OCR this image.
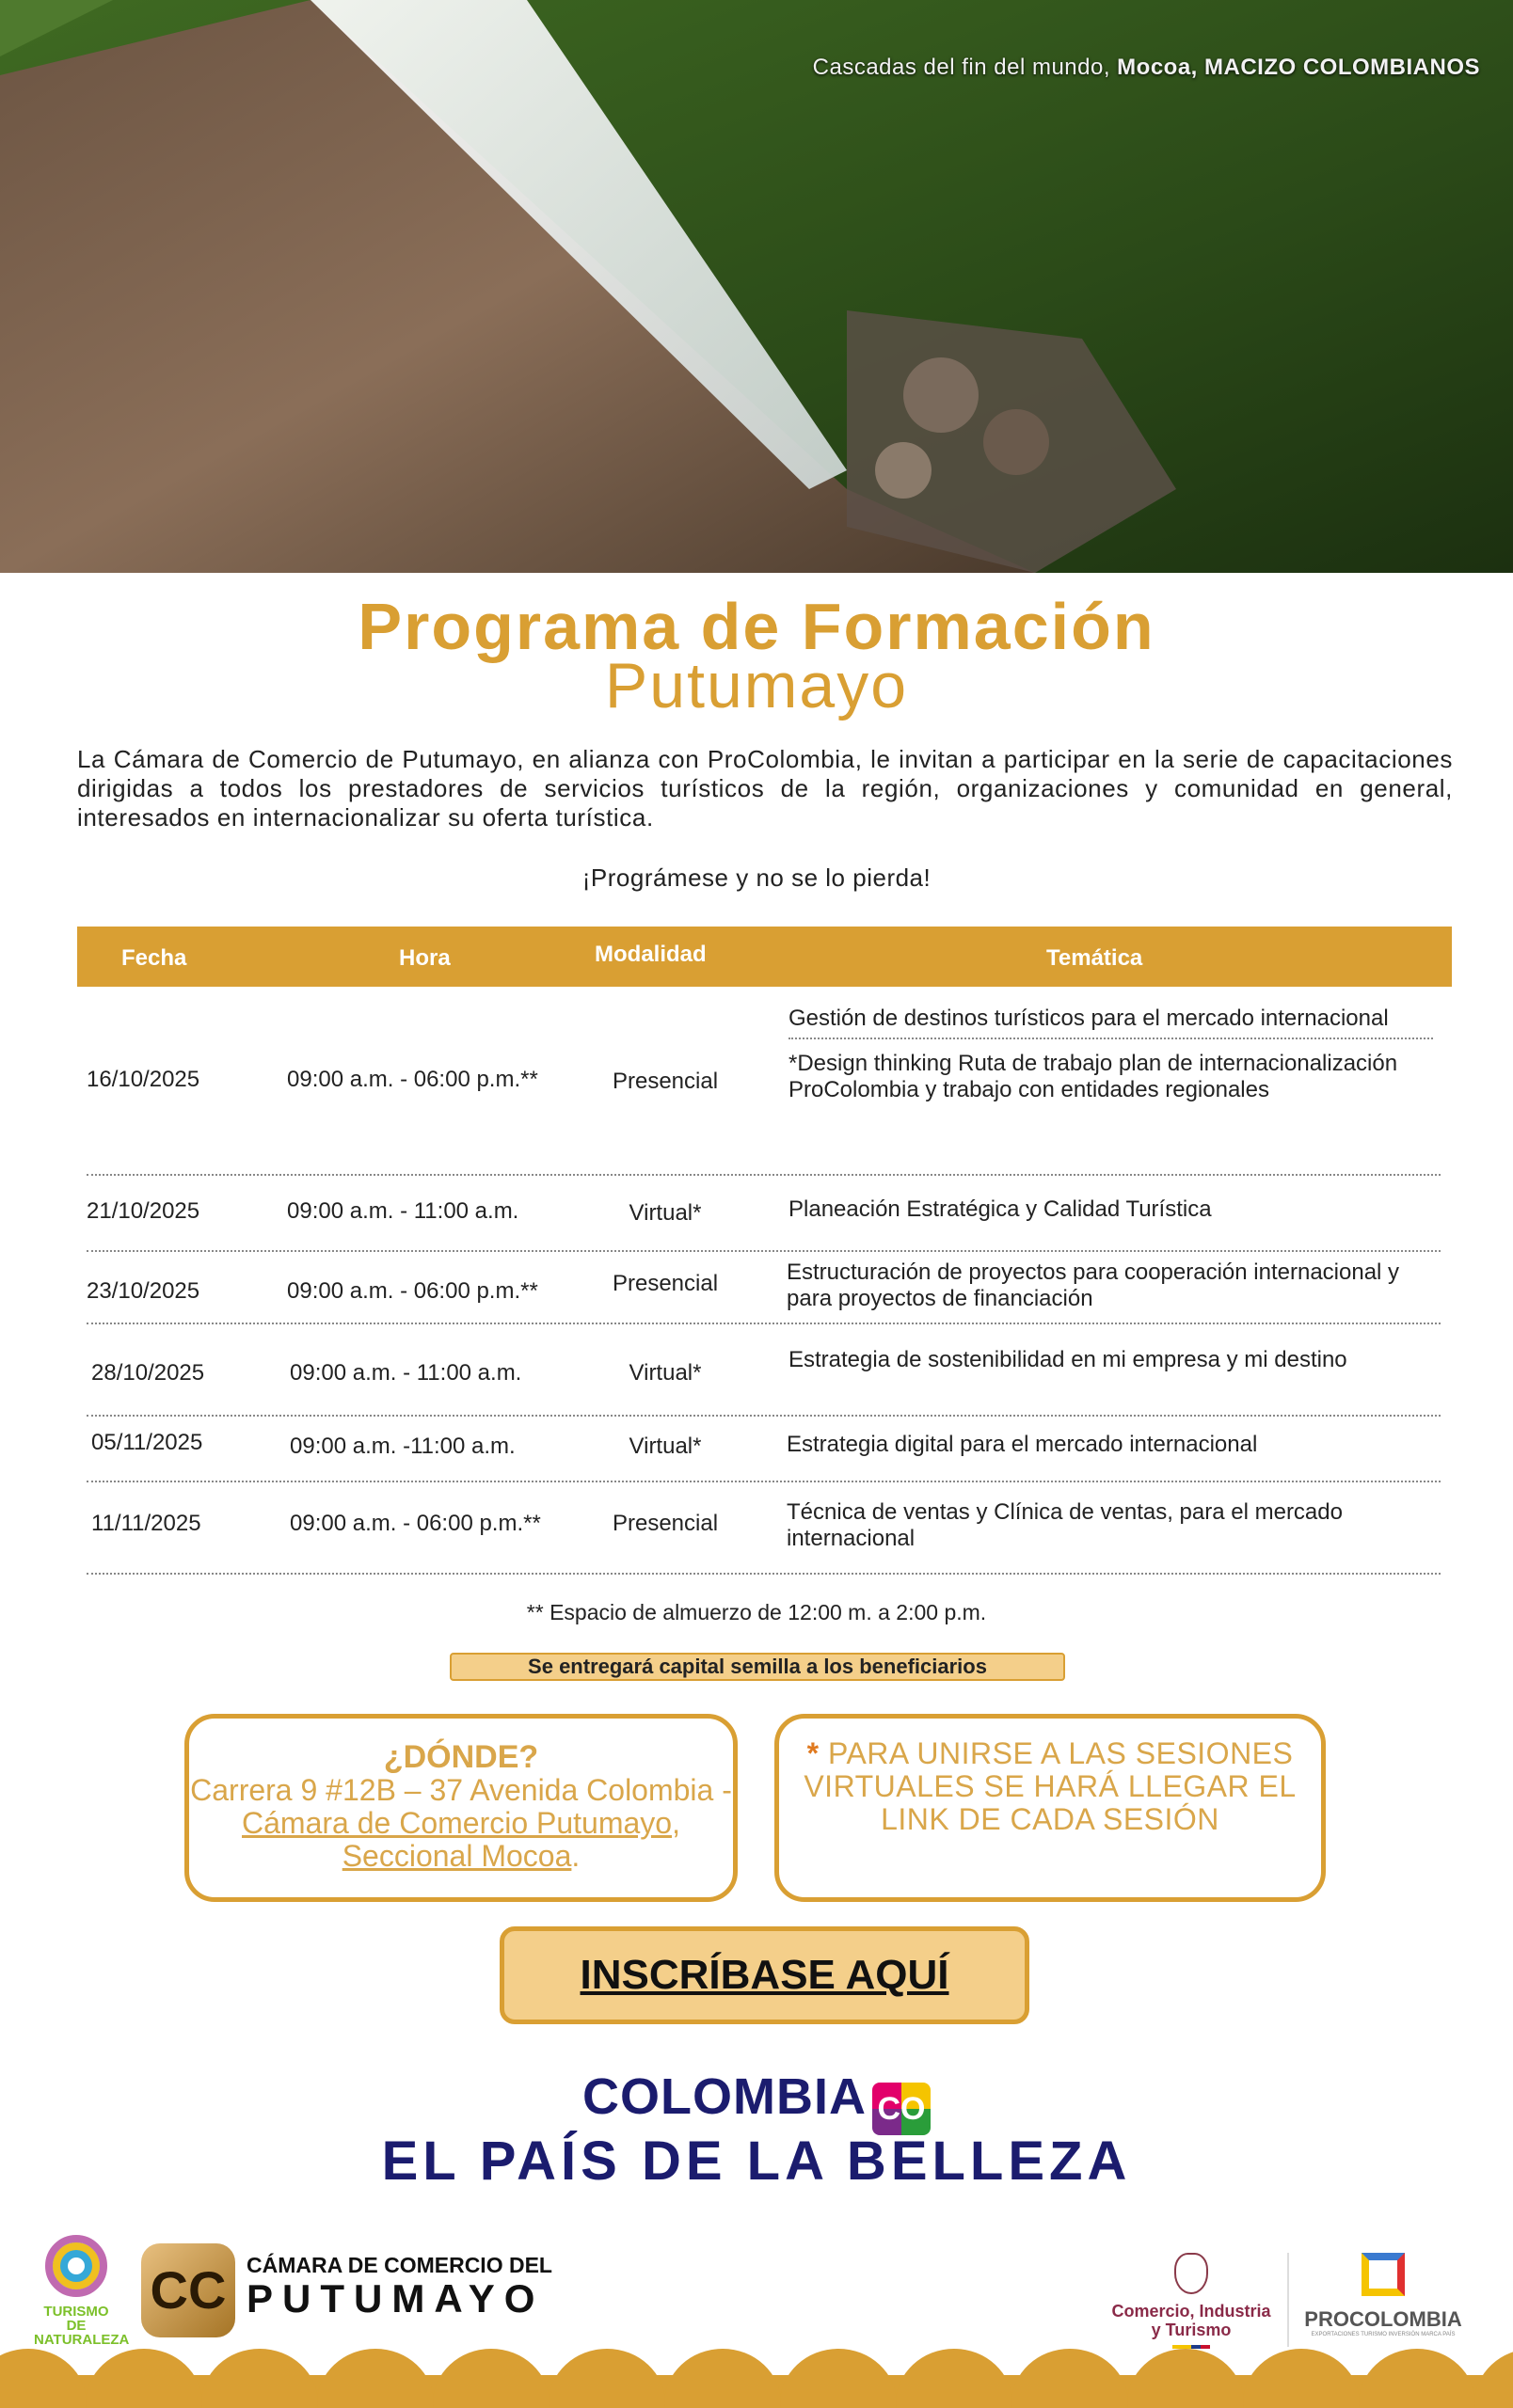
Cascadas del fin del mundo, Mocoa, MACIZO COLOMBIANOS
Programa de Formación
Putumayo

La Cámara de Comercio de Putumayo, en alianza con ProColombia, le invitan a participar en la serie de capacitaciones dirigidas a todos los prestadores de servicios turísticos de la región, organizaciones y comunidad en general, interesados en internacionalizar su oferta turística.

¡Prográmese y no se lo pierda!
Fecha	Hora	Modalidad	Temática
16/10/2025	09:00 a.m. - 06:00 p.m.**	Presencial
Gestión de destinos turísticos para el mercado internacional
*Design thinking Ruta de trabajo plan de internacionalización ProColombia y trabajo con entidades regionales
21/10/2025	09:00 a.m. - 11:00 a.m.	Virtual*	Planeación Estratégica y Calidad Turística
23/10/2025	09:00 a.m. - 06:00 p.m.**	Presencial	Estructuración de proyectos para cooperación internacional y para proyectos de financiación
28/10/2025	09:00 a.m. - 11:00 a.m.	Virtual*
Estrategia de sostenibilidad en mi empresa y mi destino
05/11/2025	09:00 a.m. -11:00 a.m.	Virtual*	Estrategia digital para el mercado internacional
11/11/2025	09:00 a.m. - 06:00 p.m.**	Presencial	Técnica de ventas y Clínica de ventas, para el mercado internacional
** Espacio de almuerzo de 12:00 m. a 2:00 p.m.
Se entregará capital semilla a los beneficiarios
¿DÓNDE?
Carrera 9 #12B – 37 Avenida Colombia - Cámara de Comercio Putumayo, Seccional Mocoa.
* PARA UNIRSE A LAS SESIONES VIRTUALES SE HARÁ LLEGAR EL LINK DE CADA SESIÓN
INSCRÍBASE AQUÍ
COLOMBIA CO
EL PAÍS DE LA BELLEZA
TURISMO DE NATURALEZA
CC CÁMARA DE COMERCIO DEL
PUTUMAYO	Comercio, Industria y Turismo	PROCOLOMBIA
EXPORTACIONES TURISMO INVERSIÓN MARCA PAÍS
